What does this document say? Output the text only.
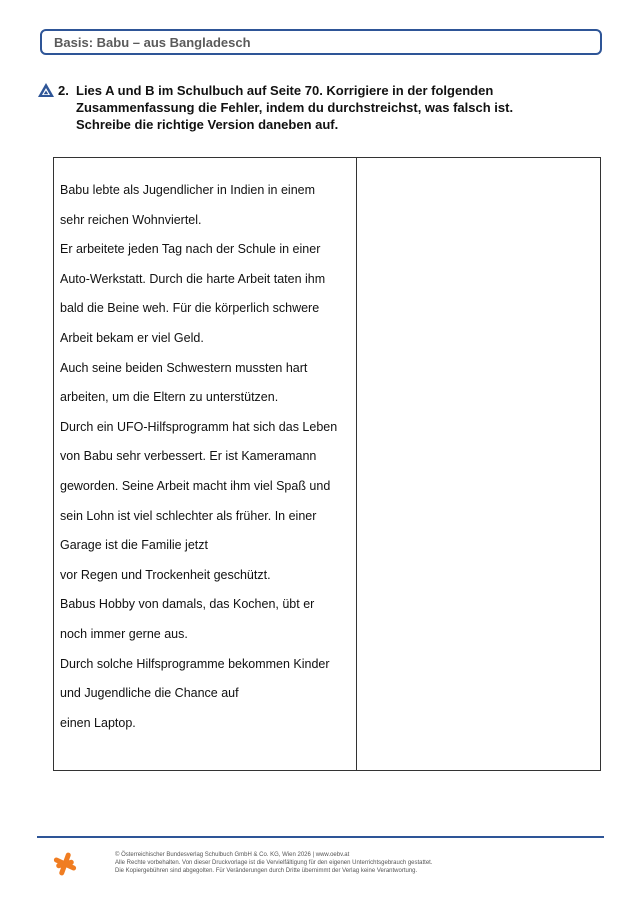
Basis: Babu – aus Bangladesch
2. Lies A und B im Schulbuch auf Seite 70. Korrigiere in der folgenden
Zusammenfassung die Fehler, indem du durchstreichst, was falsch ist.
Schreibe die richtige Version daneben auf.
Babu lebte als Jugendlicher in Indien in einem
sehr reichen Wohnviertel.
Er arbeitete jeden Tag nach der Schule in einer
Auto-Werkstatt. Durch die harte Arbeit taten ihm
bald die Beine weh. Für die körperlich schwere
Arbeit bekam er viel Geld.
Auch seine beiden Schwestern mussten hart
arbeiten, um die Eltern zu unterstützen.
Durch ein UFO-Hilfsprogramm hat sich das Leben
von Babu sehr verbessert. Er ist Kameramann
geworden. Seine Arbeit macht ihm viel Spaß und
sein Lohn ist viel schlechter als früher. In einer
Garage ist die Familie jetzt
vor Regen und Trockenheit geschützt.
Babus Hobby von damals, das Kochen, übt er
noch immer gerne aus.
Durch solche Hilfsprogramme bekommen Kinder
und Jugendliche die Chance auf
einen Laptop.
© Österreichischer Bundesverlag Schulbuch GmbH & Co. KG, Wien 2026 | www.oebv.at
Alle Rechte vorbehalten. Von dieser Druckvorlage ist die Vervielfältigung für den eigenen Unterrichtsgebrauch gestattet.
Die Kopiergebühren sind abgegolten. Für Veränderungen durch Dritte übernimmt der Verlag keine Verantwortung.
